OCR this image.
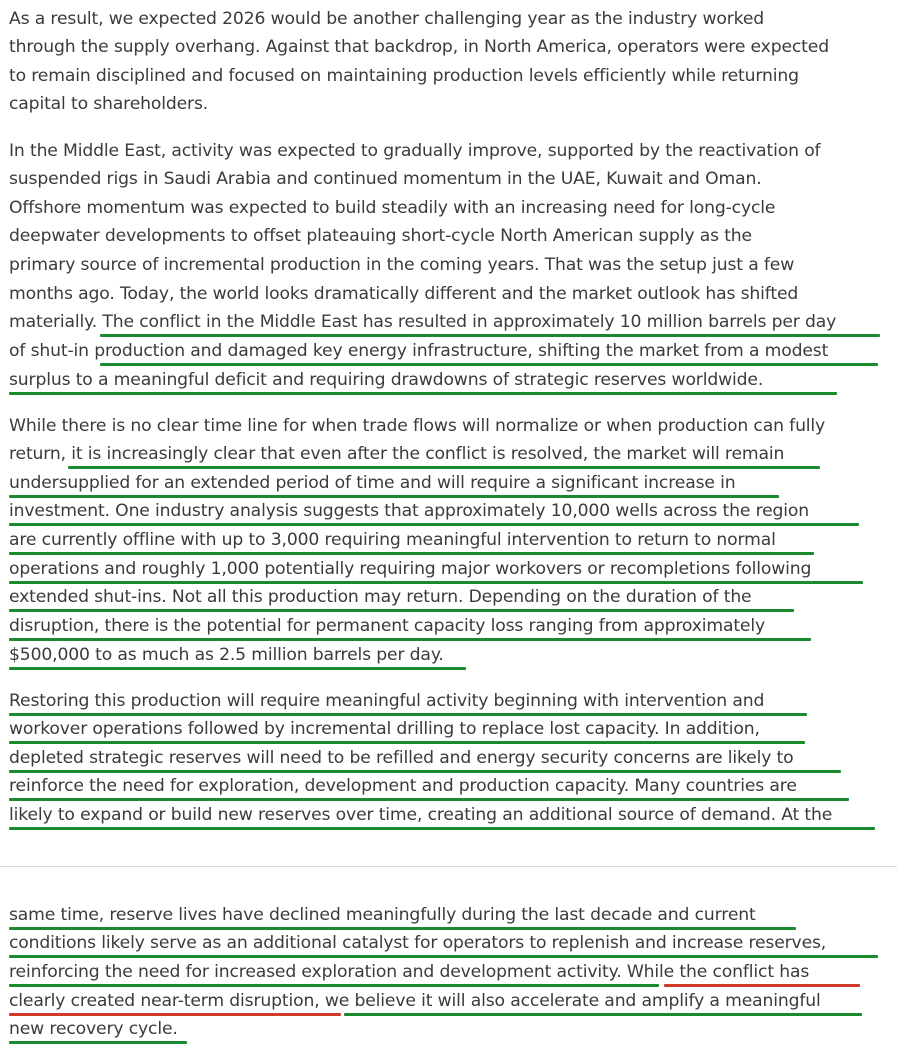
As a result, we expected 2026 would be another challenging year as the industry worked
through the supply overhang. Against that backdrop, in North America, operators were expected
to remain disciplined and focused on maintaining production levels efficiently while returning
capital to shareholders.
In the Middle East, activity was expected to gradually improve, supported by the reactivation of
suspended rigs in Saudi Arabia and continued momentum in the UAE, Kuwait and Oman.
Offshore momentum was expected to build steadily with an increasing need for long-cycle
deepwater developments to offset plateauing short-cycle North American supply as the
primary source of incremental production in the coming years. That was the setup just a few
months ago. Today, the world looks dramatically different and the market outlook has shifted
materially. The conflict in the Middle East has resulted in approximately 10 million barrels per day
of shut-in production and damaged key energy infrastructure, shifting the market from a modest
surplus to a meaningful deficit and requiring drawdowns of strategic reserves worldwide.
While there is no clear time line for when trade flows will normalize or when production can fully
return, it is increasingly clear that even after the conflict is resolved, the market will remain
undersupplied for an extended period of time and will require a significant increase in
investment. One industry analysis suggests that approximately 10,000 wells across the region
are currently offline with up to 3,000 requiring meaningful intervention to return to normal
operations and roughly 1,000 potentially requiring major workovers or recompletions following
extended shut-ins. Not all this production may return. Depending on the duration of the
disruption, there is the potential for permanent capacity loss ranging from approximately
$500,000 to as much as 2.5 million barrels per day.
Restoring this production will require meaningful activity beginning with intervention and
workover operations followed by incremental drilling to replace lost capacity. In addition,
depleted strategic reserves will need to be refilled and energy security concerns are likely to
reinforce the need for exploration, development and production capacity. Many countries are
likely to expand or build new reserves over time, creating an additional source of demand. At the
same time, reserve lives have declined meaningfully during the last decade and current
conditions likely serve as an additional catalyst for operators to replenish and increase reserves,
reinforcing the need for increased exploration and development activity. While the conflict has
clearly created near-term disruption, we believe it will also accelerate and amplify a meaningful
new recovery cycle.
